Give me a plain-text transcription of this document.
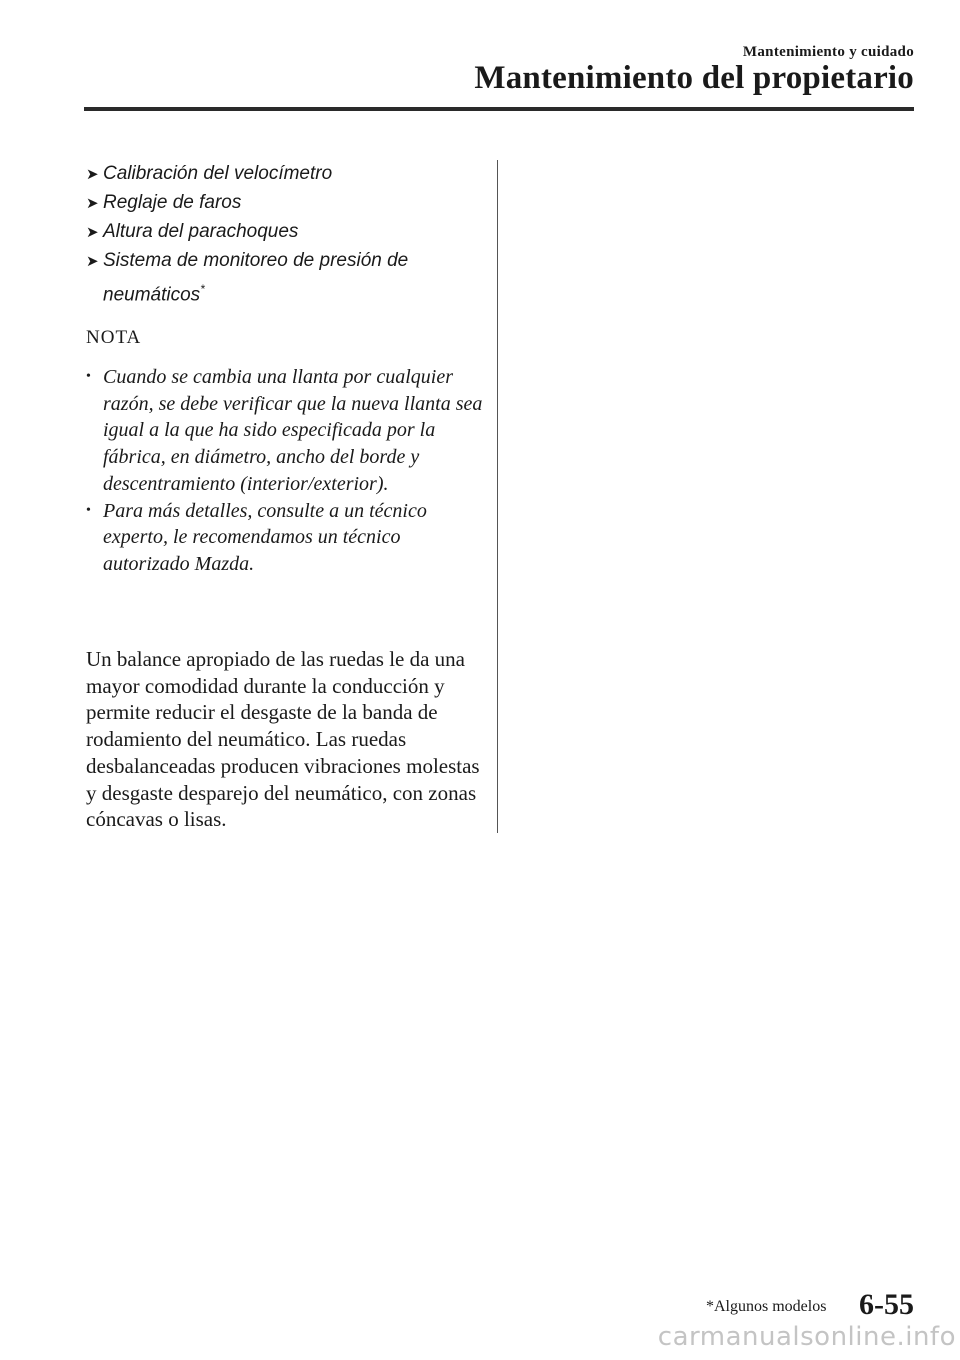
Mantenimiento y cuidado
Mantenimiento del propietario
➤ Calibración del velocímetro
➤ Reglaje de faros
➤ Altura del parachoques
➤ Sistema de monitoreo de presión de neumáticos*
NOTA
• Cuando se cambia una llanta por cualquier razón, se debe verificar que la nueva llanta sea igual a la que ha sido especificada por la fábrica, en diámetro, ancho del borde y descentramiento (interior/exterior).
• Para más detalles, consulte a un técnico experto, le recomendamos un técnico autorizado Mazda.
Un balance apropiado de las ruedas le da una mayor comodidad durante la conducción y permite reducir el desgaste de la banda de rodamiento del neumático. Las ruedas desbalanceadas producen vibraciones molestas y desgaste desparejo del neumático, con zonas cóncavas o lisas.
*Algunos modelos 6-55
carmanualsonline.info
